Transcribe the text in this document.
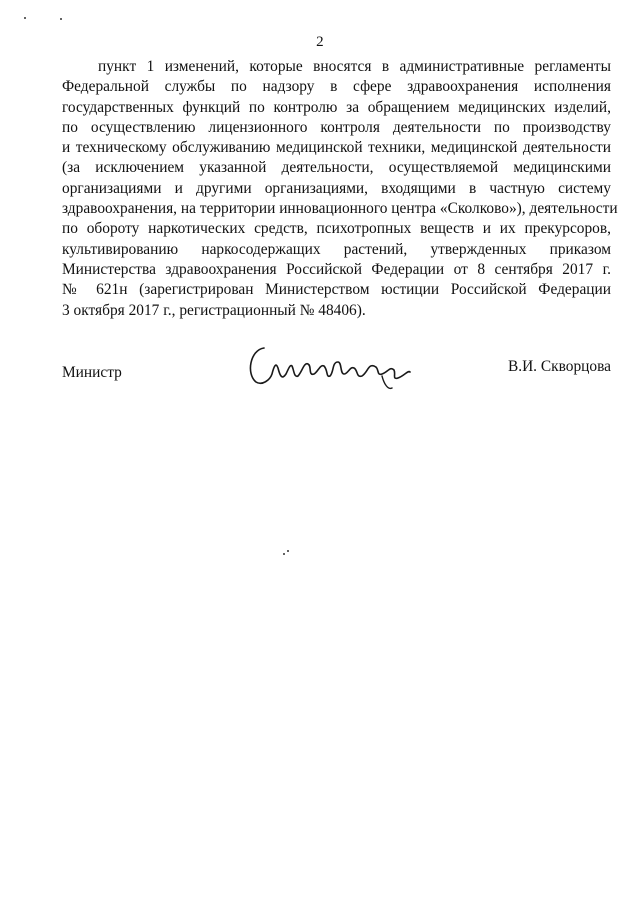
2

пункт 1 изменений, которые вносятся в административные регламенты
Федеральной службы по надзору в сфере здравоохранения исполнения
государственных функций по контролю за обращением медицинских изделий,
по осуществлению лицензионного контроля деятельности по производству
и техническому обслуживанию медицинской техники, медицинской деятельности
(за исключением указанной деятельности, осуществляемой медицинскими
организациями и другими организациями, входящими в частную систему
здравоохранения, на территории инновационного центра «Сколково»), деятельности
по обороту наркотических средств, психотропных веществ и их прекурсоров,
культивированию наркосодержащих растений, утвержденных приказом
Министерства здравоохранения Российской Федерации от 8 сентября 2017 г.
№ 621н (зарегистрирован Министерством юстиции Российской Федерации
3 октября 2017 г., регистрационный № 48406).

Министр	В.И. Скворцова
